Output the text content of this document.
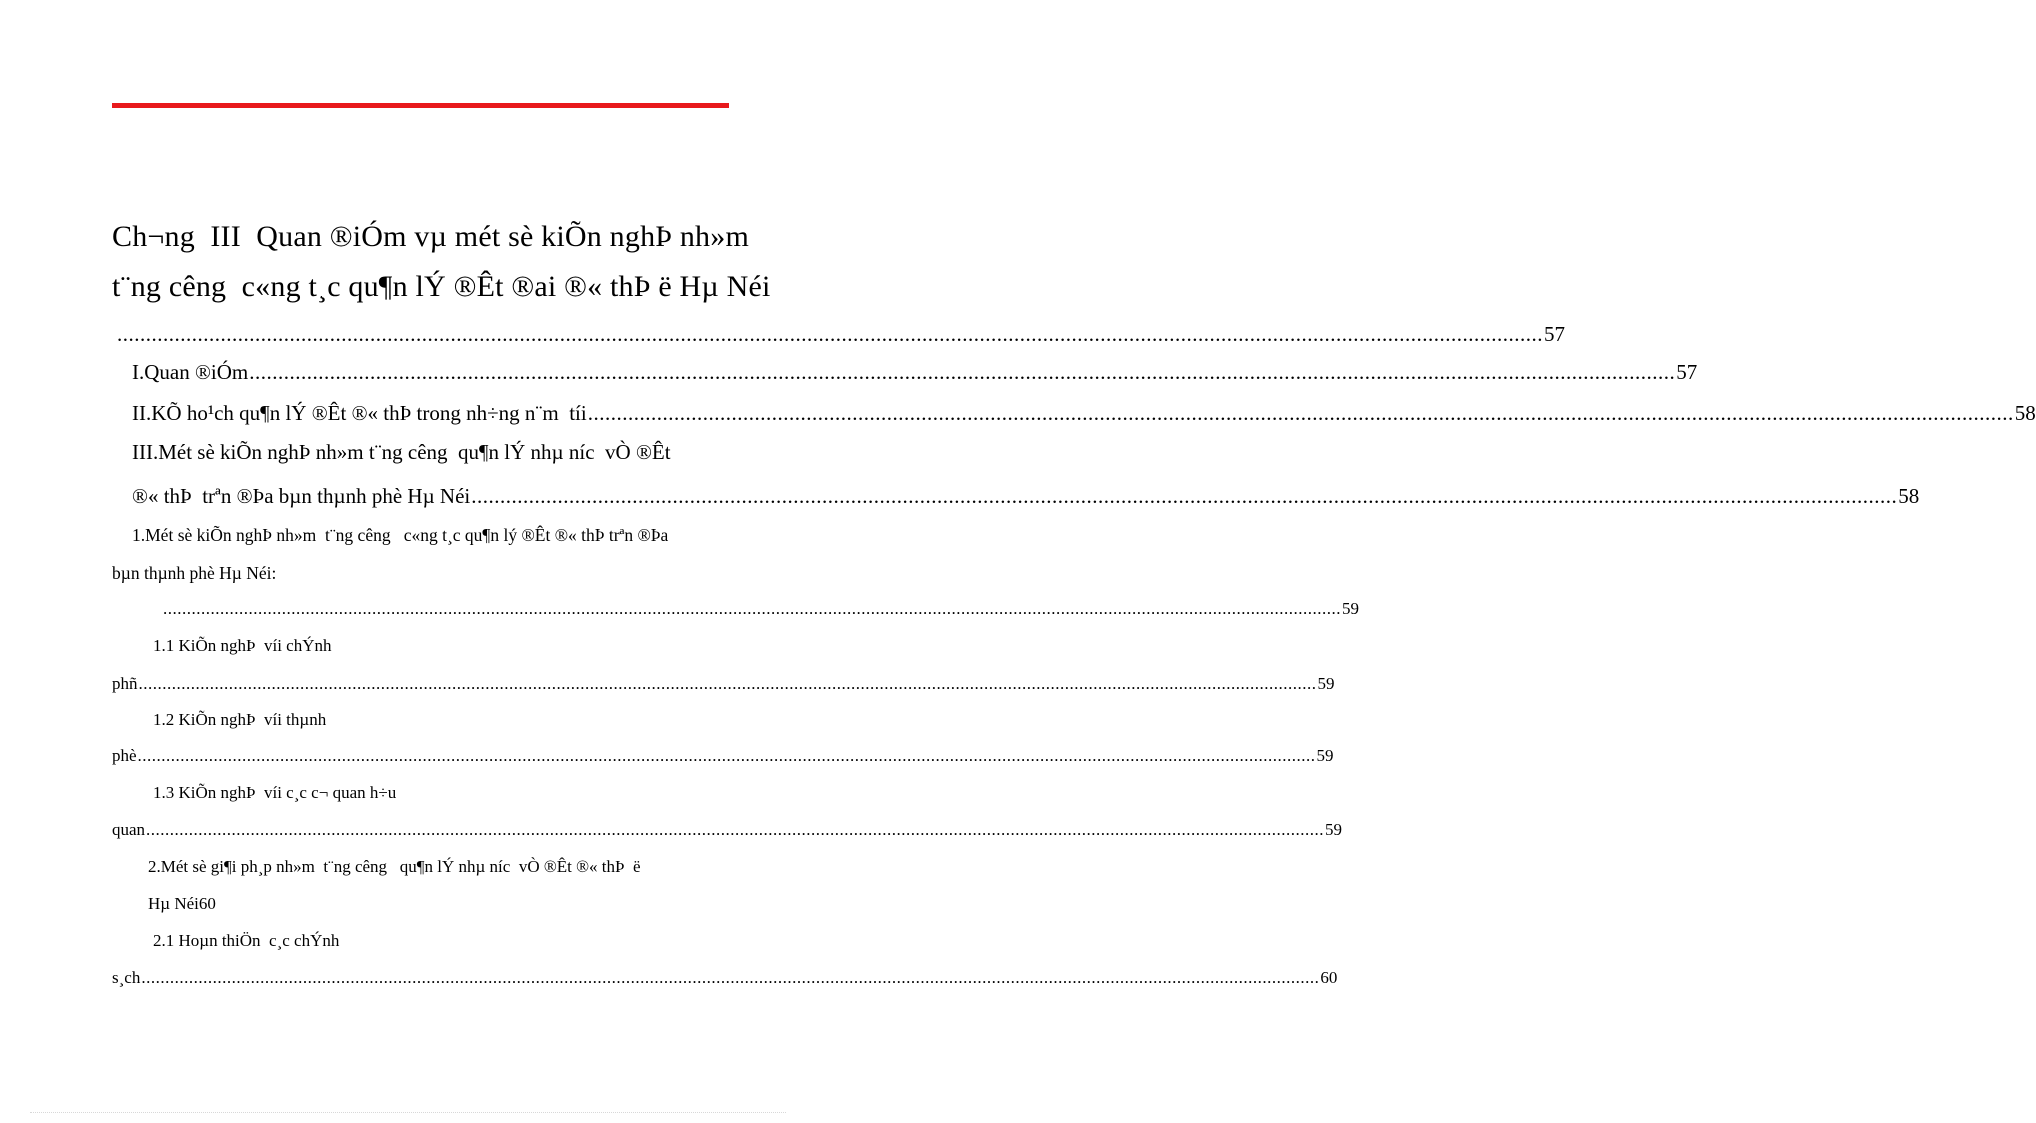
Ch¬ng  III  Quan ®iÓm vµ mét sè kiÕn nghÞ nh»m
t¨ng cêng  c«ng t¸c qu¶n lÝ ®Êt ®ai ®« thÞ ë Hµ Néi
........................................................................................................................................................................................................................................................ 57
I.Quan ®iÓm ........................................................................................................................................................................................................................................................ 57
II.KÕ ho¹ch qu¶n lÝ ®Êt ®« thÞ trong nh÷ng n¨m  tíi ........................................................................................................................................................................................................................................................ 58
III.Mét sè kiÕn nghÞ nh»m t¨ng cêng  qu¶n lÝ nhµ níc  vÒ ®Êt
®« thÞ  trªn ®Þa bµn thµnh phè Hµ Néi ........................................................................................................................................................................................................................................................ 58
1.Mét sè kiÕn nghÞ nh»m  t¨ng cêng   c«ng t¸c qu¶n lý ®Êt ®« thÞ trªn ®Þa
bµn thµnh phè Hµ Néi:
........................................................................................................................................................................................................................................................ 59
1.1 KiÕn nghÞ  víi chÝnh
phñ ........................................................................................................................................................................................................................................................ 59
1.2 KiÕn nghÞ  víi thµnh
phè ........................................................................................................................................................................................................................................................ 59
1.3 KiÕn nghÞ  víi c¸c c¬ quan h÷u
quan ........................................................................................................................................................................................................................................................ 59
2.Mét sè gi¶i ph¸p nh»m  t¨ng cêng   qu¶n lÝ nhµ níc  vÒ ®Êt ®« thÞ  ë
Hµ Néi60
2.1 Hoµn thiÖn  c¸c chÝnh
s¸ch ........................................................................................................................................................................................................................................................ 60
